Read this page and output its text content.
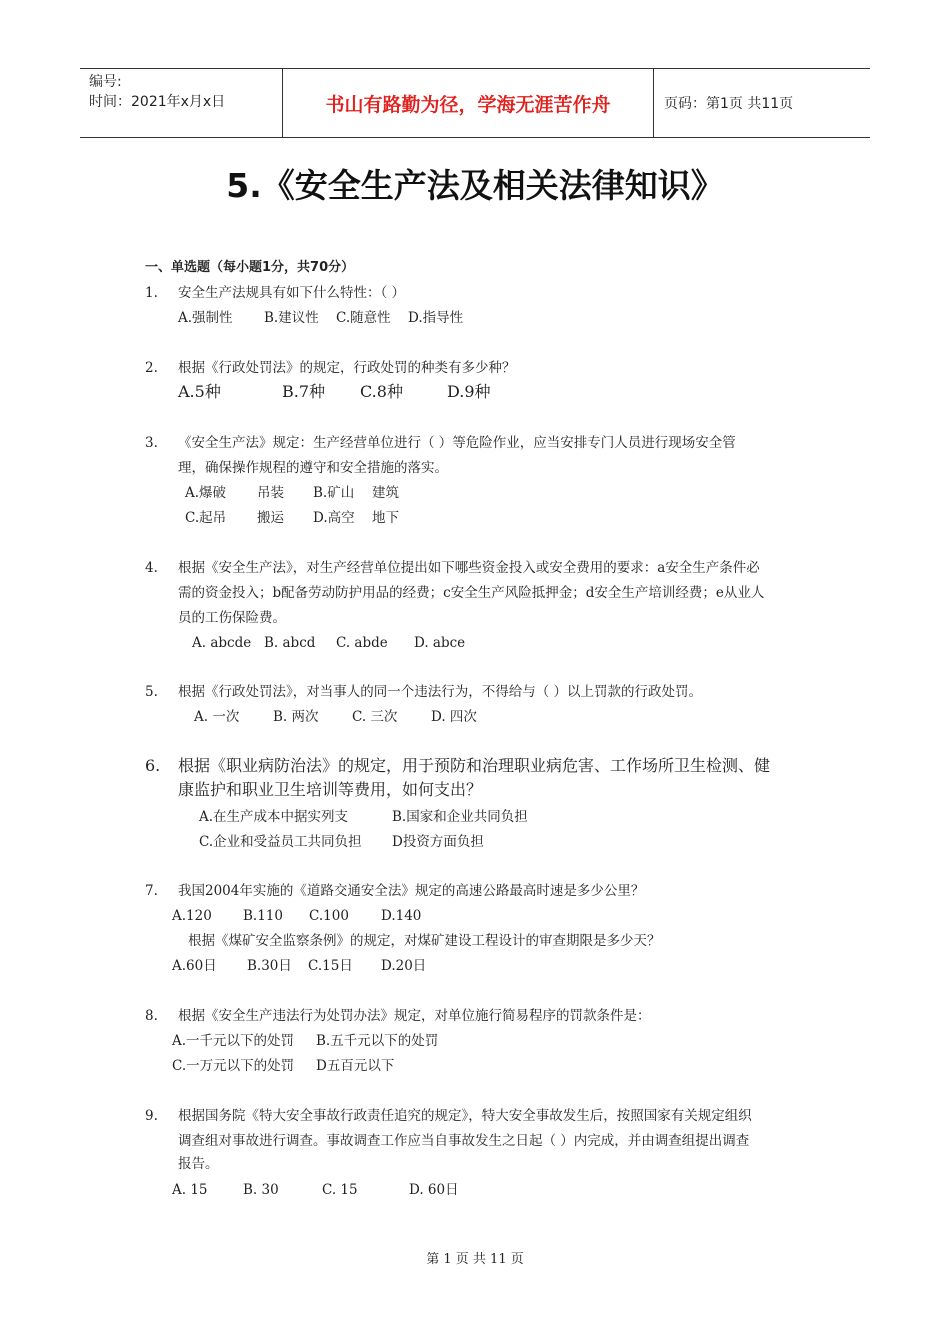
编号:
时间：2021年x月x日	书山有路勤为径，学海无涯苦作舟	页码：第1页 共11页
5.《安全生产法及相关法律知识》
一、单选题（每小题1分，共70分）
1. 安全生产法规具有如下什么特性：（ ）
A.强制性 B.建议性 C.随意性 D.指导性
2. 根据《行政处罚法》的规定，行政处罚的种类有多少种？
A.5种	B.7种 C.8种	D.9种
3. 《安全生产法》规定：生产经营单位进行（ ）等危险作业，应当安排专门人员进行现场安全管
理，确保操作规程的遵守和安全措施的落实。
A.爆破 吊装 B.矿山 建筑
C.起吊 搬运 D.高空 地下
4. 根据《安全生产法》，对生产经营单位提出如下哪些资金投入或安全费用的要求：a安全生产条件必
需的资金投入；b配备劳动防护用品的经费；c安全生产风险抵押金；d安全生产培训经费；e从业人
员的工伤保险费。
A. abcde B. abcd C. abde D. abce
5. 根据《行政处罚法》，对当事人的同一个违法行为，不得给与（ ）以上罚款的行政处罚。
A. 一次 B. 两次 C. 三次 D. 四次
6. 根据《职业病防治法》的规定，用于预防和治理职业病危害、工作场所卫生检测、健
康监护和职业卫生培训等费用，如何支出？
A.在生产成本中据实列支	B.国家和企业共同负担
C.企业和受益员工共同负担 D投资方面负担
7. 我国2004年实施的《道路交通安全法》规定的高速公路最高时速是多少公里？
A.120 B.110 C.100 D.140
根据《煤矿安全监察条例》的规定，对煤矿建设工程设计的审查期限是多少天？
A.60日 B.30日 C.15日 D.20日
8. 根据《安全生产违法行为处罚办法》规定，对单位施行简易程序的罚款条件是：
A.一千元以下的处罚 B.五千元以下的处罚
C.一万元以下的处罚 D五百元以下
9. 根据国务院《特大安全事故行政责任追究的规定》，特大安全事故发生后，按照国家有关规定组织
调查组对事故进行调查。事故调查工作应当自事故发生之日起（ ）内完成，并由调查组提出调查
报告。
A. 15	B. 30	C. 15	D. 60日
第 1 页 共 11 页
